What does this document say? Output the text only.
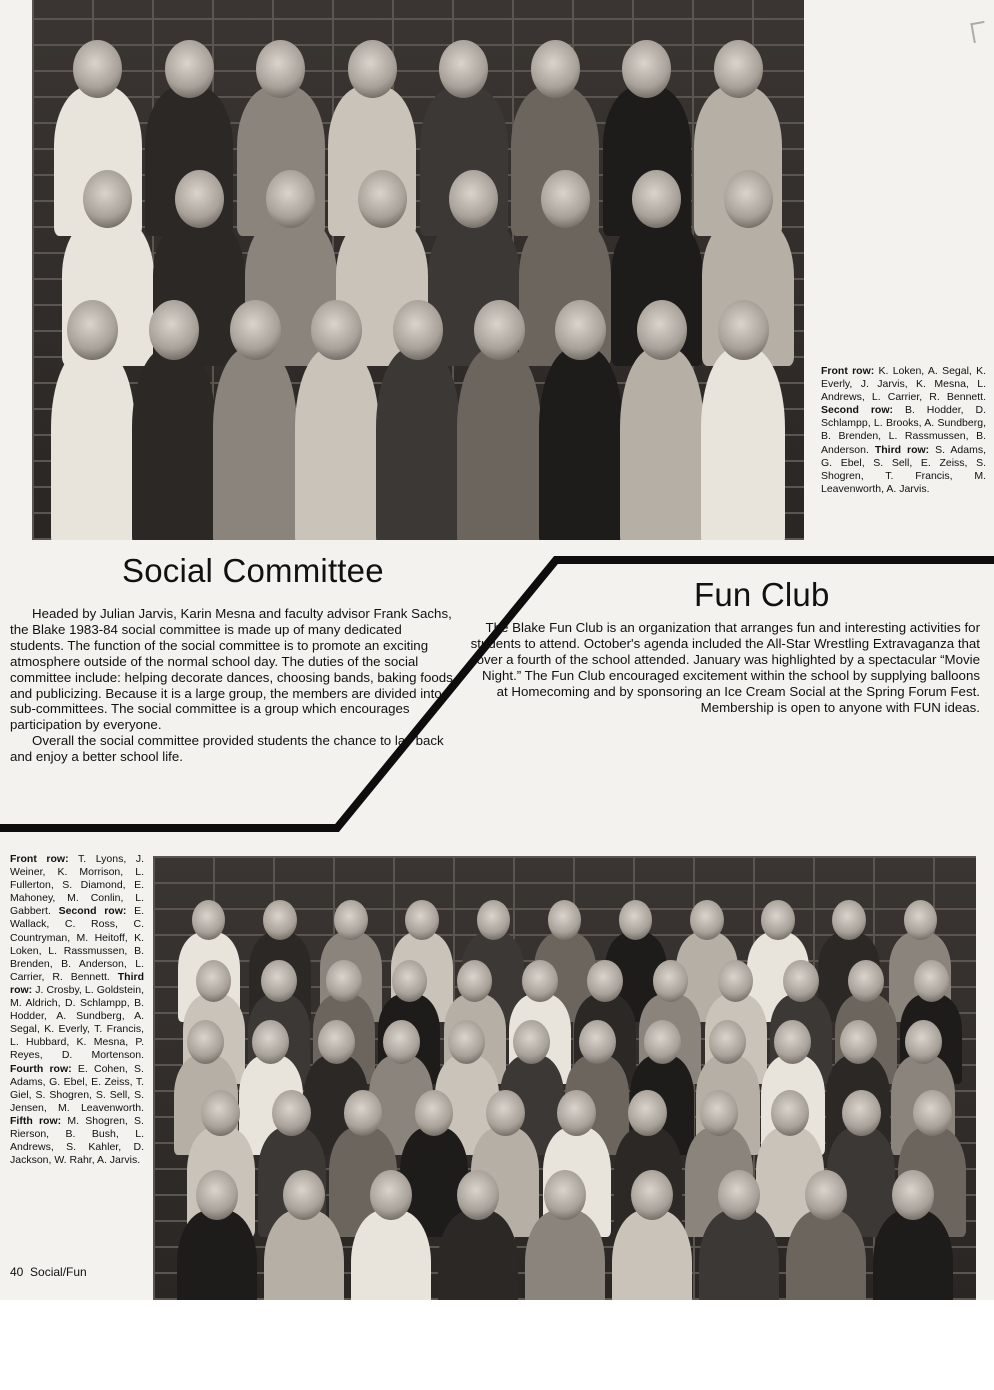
Front row: K. Loken, A. Segal, K. Everly, J. Jarvis, K. Mesna, L. Andrews, L. Carrier, R. Bennett. Second row: B. Hodder, D. Schlampp, L. Brooks, A. Sundberg, B. Brenden, L. Rassmussen, B. Anderson. Third row: S. Adams, G. Ebel, S. Sell, E. Zeiss, S. Shogren, T. Francis, M. Leavenworth, A. Jarvis.
Social Committee

Headed by Julian Jarvis, Karin Mesna and faculty advisor Frank Sachs, the Blake 1983-84 social committee is made up of many dedicated students. The function of the social committee is to promote an exciting atmosphere outside of the normal school day. The duties of the social committee include: helping decorate dances, choosing bands, baking foods, and publicizing. Because it is a large group, the members are divided into sub-committees. The social committee is a group which encourages participation by everyone.

Overall the social committee provided students the chance to lay back and enjoy a better school life.

Fun Club

The Blake Fun Club is an organization that arranges fun and interesting activities for students to attend. October's agenda included the All-Star Wrestling Extravaganza that over a fourth of the school attended. January was highlighted by a spectacular “Movie Night.” The Fun Club encouraged excitement within the school by supplying balloons at Homecoming and by sponsoring an Ice Cream Social at the Spring Forum Fest. Membership is open to anyone with FUN ideas.

Front row: T. Lyons, J. Weiner, K. Morrison, L. Fullerton, S. Diamond, E. Mahoney, M. Conlin, L. Gabbert. Second row: E. Wallack, C. Ross, C. Countryman, M. Heitoff, K. Loken, L. Rassmussen, B. Brenden, B. Anderson, L. Carrier, R. Bennett. Third row: J. Crosby, L. Goldstein, M. Aldrich, D. Schlampp, B. Hodder, A. Sundberg, A. Segal, K. Everly, T. Francis, L. Hubbard, K. Mesna, P. Reyes, D. Mortenson. Fourth row: E. Cohen, S. Adams, G. Ebel, E. Zeiss, T. Giel, S. Shogren, S. Sell, S. Jensen, M. Leavenworth. Fifth row: M. Shogren, S. Rierson, B. Bush, L. Andrews, S. Kahler, D. Jackson, W. Rahr, A. Jarvis.
40 Social/Fun
